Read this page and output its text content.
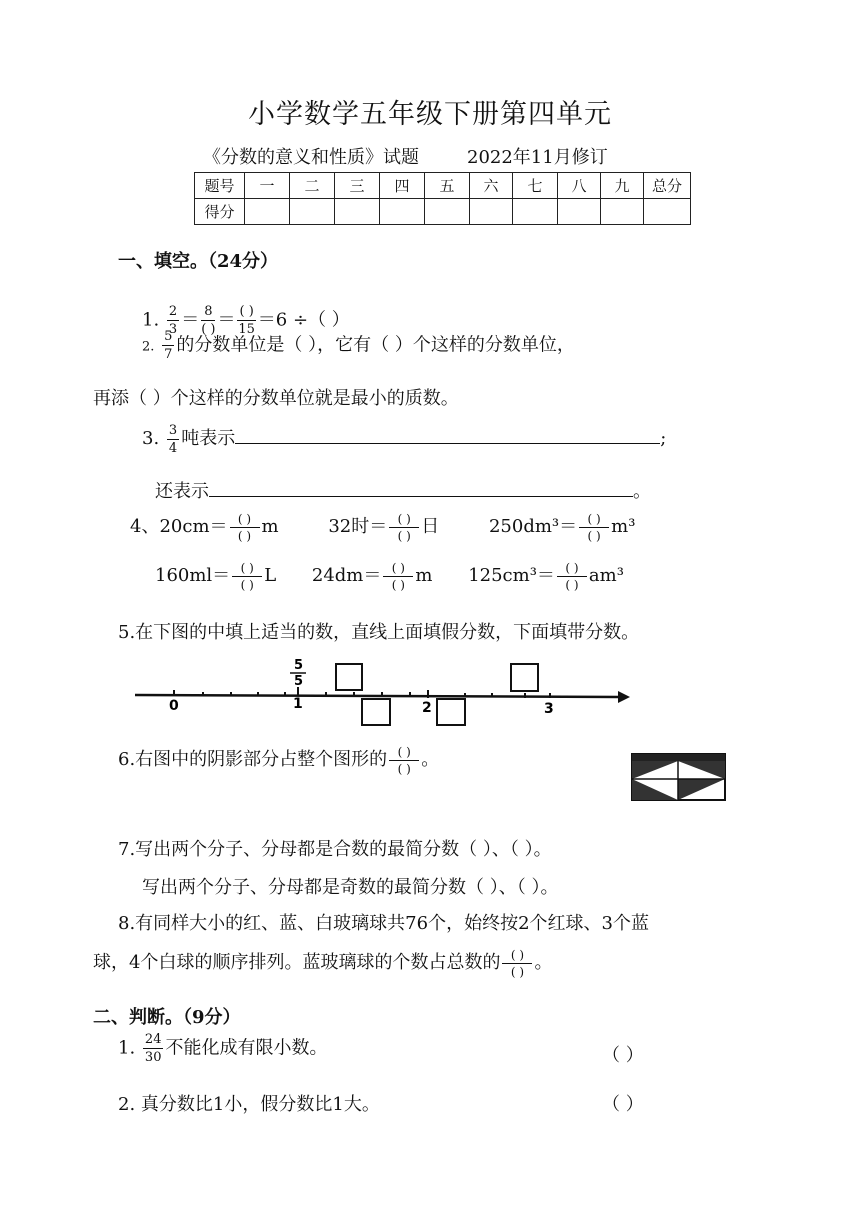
小学数学五年级下册第四单元
《分数的意义和性质》试题	2022年11月修订
题号	一	二	三	四	五	六	七	八	九	总分
得分										
一、填空。（24分）
1. $\frac{2}{3} = \frac{8}{( )} = \frac{( )}{15} =6$ ÷（ ）
2. $\frac{5}{7}$ 的分数单位是（ ），它有（ ）个这样的分数单位，
再添（ ）个这样的分数单位就是最小的质数。
3. $\frac{3}{4}$ 吨表示	;
还表示	。
4、$20cm= \frac{( )}{( )}$ m	32时＝ $\frac{( )}{( )}$ 日	$250dm^3= \frac{( )}{( )} m^3$
$160ml= \frac{( )}{( )}$ L $24dm= \frac{( )}{( )}$ m $125cm^3= \frac{( )}{( )} am^3$
5.在下图的中填上适当的数，直线上面填假分数，下面填带分数。
0	1	2	3
5
5
6.右图中的阴影部分占整个图形的 $\frac{( )}{( )}$ 。
7.写出两个分子、分母都是合数的最简分数（ ）、（ ）。
写出两个分子、分母都是奇数的最简分数（ ）、（ ）。
8.有同样大小的红、蓝、白玻璃球共76个，始终按2个红球、3个蓝
球，4个白球的顺序排列。蓝玻璃球的个数占总数的 $\frac{( )}{( )}$ 。
二、判断。（9分）
1. $\frac{24}{30}$ 不能化成有限小数。	（ ）
2. 真分数比1小，假分数比1大。	（ ）
